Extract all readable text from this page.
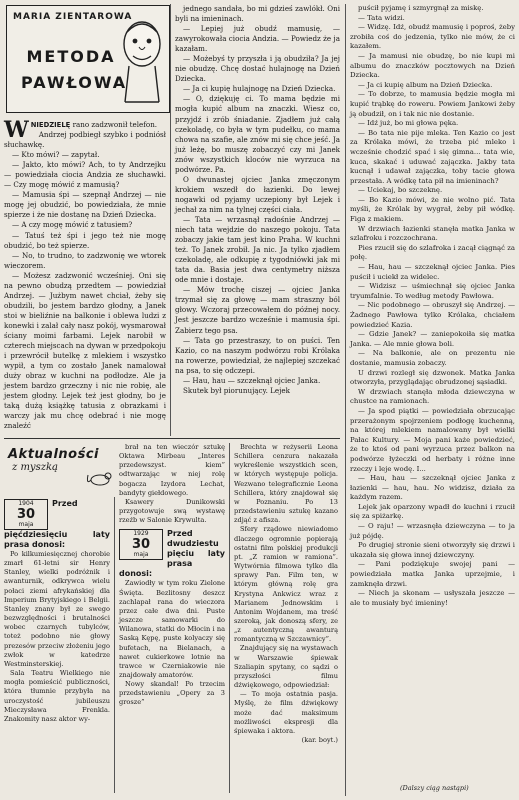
MARIA ZIENTAROWA
METODA
PAWŁOWA

WNIEDZIELĘ rano zadzwonił telefon.

Andrzej podbiegł szybko i podniósł słuchawkę.

— Kto mówi? — zapytał.

— Jakto, kto mówi? Ach, to ty Andrzejku — powiedziała ciocia Andzia ze słuchawki. — Czy mogę mówić z mamusią?

— Mamusia śpi — szepnął Andrzej — nie mogę jej obudzić, bo powiedziała, że mnie spierze i że nie dostanę na Dzień Dziecka.

— A czy mogę mówić z tatusiem?

— Tatuś też śpi i jego też nie mogę obudzić, bo też spierze.

— No, to trudno, to zadzwonię we wtorek wieczorem.

— Możesz zadzwonić wcześniej. Oni się na pewno obudzą przedtem — powiedział Andrzej. — Jużbym nawet chciał, żeby się obudzili, bo jestem bardzo głodny, a Janek stoi w bieliźnie na balkonie i oblewa ludzi z konewki i zalał cały nasz pokój, wysmarował ściany moimi farbami. Lejek narobił w czterech miejscach na dywan w przedpokoju i przewrócił butelkę z mlekiem i wszystko wypił, a tym co zostało Janek namalował duży obraz w kuchni na podłodze. Ale ja jestem bardzo grzeczny i nic nie robię, ale jestem głodny. Lejek też jest głodny, bo je taką dużą książkę tatusia z obrazkami i warczy jak mu chcę odebrać i nie mogę znaleźć

jednego sandała, bo mi gdzieś zawlókł. Oni byli na imieninach.

— Lepiej już obudź mamusię, — zawyrokowała ciocia Andzia. — Powiedz że ja kazałam.

— Możebyś ty przyszła i ją obudziła? Ja jej nie obudzę. Chcę dostać hulajnogę na Dzień Dziecka.

— Ja ci kupię hulajnogę na Dzień Dziecka.

— O, dziękuję ci. To mama będzie mi mogła kupić album na znaczki. Wiesz co, przyjdź i zrób śniadanie. Zjadłem już całą czekoladę, co była w tym pudełku, co mama chowa na szafie, ale znów mi się chce jeść. Ja już leżę, bo muszę zobaczyć czy mi Janek znów wszystkich kloców nie wyrzuca na podwórze. Pa.

O dwunastej ojciec Janka zmęczonym krokiem wszedł do łazienki. Do lewej nogawki od pyjamy uczepiony był Lejek i jechał za nim na tylnej części ciała.

— Tata — wrzasnął radośnie Andrzej — niech tata wejdzie do naszego pokoju. Tata zobaczy jakie tam jest kino Praha. W kuchni też. To Janek zrobił. Ja nic. Ja tylko zjadłem czekoladę, ale odkupię z tygodniówki jak mi tata da. Basia jest dwa centymetry niższa ode mnie i dostaje.

— Mów trochę ciszej — ojciec Janka trzymał się za głowę — mam straszny ból głowy. Wczoraj przecowałem do późnej nocy. Jest jeszcze bardzo wcześnie i mamusia śpi. Zabierz tego psa.

— Tata go przestraszy, to on puści. Ten Kazio, co na naszym podwórzu robi Królaka na rowerze, powiedział, że najlepiej szczekać na psa, to się odczepi.

— Hau, hau — szczeknął ojciec Janka.

Skutek był piorunujący. Lejek

puścił pyjamę i szmyrgnął za miskę.

— Tata widzi.

— Widzę. Idź, obudź mamusię i poproś, żeby zrobiła coś do jedzenia, tylko nie mów, że ci kazałem.

— Ja mamusi nie obudzę, bo nie kupi mi albumu do znaczków pocztowych na Dzień Dziecka.

— Ja ci kupię album na Dzień Dziecka.

— To dobrze, to mamusia będzie mogła mi kupić trąbkę do roweru. Powiem Jankowi żeby ją obudził, on i tak nic nie dostanie.

— Idź już, bo mi głowa pęka.

— Bo tata nie pije mleka. Ten Kazio co jest za Królaka mówi, że trzeba pić mleko i wcześnie chodzić spać i się gimna... tata wie, kuca, skakać i uduwać zajączka. Jakby tata kucnął i udawał zajączka, toby tacie głowa przestała. A wódkę tata pił na imieninach?

— Uciekaj, bo szczeknę.

— Bo Kazio mówi, że nie wolno pić. Tata myśli, że Królak by wygrał, żeby pił wódkę. Figa z makiem.

W drzwiach łazienki stanęła matka Janka w szlafroku i rozczochrana.

Pies rzucił się do szlafroka i zacął ciągnąć za połę.

— Hau, hau — szczeknął ojciec Janka. Pies puścił i uciekł za widelec.

— Widzisz — uśmiechnął się ojciec Janka tryumfalnie. To według metody Pawłowa.

— Nic podobnego — obruszył się Andrzej. — Żadnego Pawłowa tylko Królaka, chciałem powiedzieć Kazia.

— Gdzie Janek? — zaniepokoiła się matka Janka. — Ale mnie głowa boli.

— Na balkonie, ale on prezentu nie dostanie, mamusia zobaczy.

U drzwi rozległ się dzwonek. Matka Janka otworzyła, przyglądając obrudzonej sąsiadki.

W drzwiach stanęła młoda dziewczyna w chustce na ramionach.

— Ja spod piątki — powiedziała obrzucając przerażonym spojrzeniem podłogę kuchenną, na której mlekiem namalowany był wielki Pałac Kultury. — Moja pani każe powiedzieć, że to ktoś od pani wyrzuca przez balkon na podwórze łyżeczki od herbaty i różne inne rzeczy i leje wodę. I...

— Hau, hau — szczeknął ojciec Janka z łazienki — hau, hau. No widzisz, działa za każdym razem.

Lejek jak oparzony wpadł do kuchni i rzucił się za spiżarkę.

— O raju! — wrzasnęła dziewczyna — to ja już pójdę.

Po drugiej stronie sieni otworzyły się drzwi i ukazała się głowa innej dziewczyny.

— Pani podziękuje swojej pani — powiedziała matka Janka uprzejmie, i zamknęła drzwi.

— Niech ja skonam — usłyszała jeszcze — ale to musiały być imieniny!

(Dalszy ciąg nastąpi)
Aktualności
z myszką
1904
30
maja
Przed pięćdziesięciu laty prasa donosi:

Po kilkumiesięcznej chorobie zmarł 61-letni sir Henry Stanley, wielki podróżnik i awanturnik, odkrywca wielu połaci ziemi afrykańskiej dla Imperium Brytyjskiego i Belgii. Stanley znany był ze swego bezwzględności i brutalności wobec czarnych tubylców, toteż podobno nie głowy prezesów przeciw złożeniu jego zwłok w katedrze Westminsterskiej.

Sala Teatru Wielkiego nie mogła pomieścić publiczności, która tłumnie przybyła na uroczystość jubileuszu Mieczysława Frenkla. Znakomity nasz aktor wy-

brał na ten wieczór sztukę Oktawa Mirbeau „Interes przedewszyst. kiem” odtwarzając w niej rolę bogacza Izydora Lechat, bandyty giełdowego.

Ksawery Dunikowski przygotowuje swą wystawę rzeźb w Salonie Krywulta.

1929
30
maja
Przed dwudziestu pięciu laty prasa donosi:

Zawiodły w tym roku Zielone Święta. Bezlitosny deszcz zachlapał rana do wieczora przez całe dwa dni. Puste jeszcze samowarki do Wilanowa, statki do Młocin i na Saską Kępę, puste kolyaczy się bufetach, na Bielanach, a nawet cukierkowe lotnie na trawce w Czerniakowie nie znajdowały amatorów.

Nowy skandal! Po trzecim przedstawieniu „Opery za 3 grosze”

Brechta w reżyserii Leona Schillera cenzura nakazała wykreślenie wszystkich scen, w których występuje policja. Wezwano telegraficznie Leona Schillera, który znajdował się w Poznaniu. Po 13 przedstawieniu sztukę kazano zdjąć z afisza.

Sfery rządowe niewiadomo dlaczego ogromnie popierają ostatni film polskiej produkcji pt. „Z ramion w ramiona”. Wytwórnia filmowa tylko dla sprawy Pan. Film ten, w którym główną rolę gra Krystyna Ankwicz wraz z Marianem Jednowskim i Antonim Wojdanem, ma treść szeroką, jak donoszą sfery, ze „z autentyczną awanturą romantyczną w Szczawnicy”.

Znajdujący się na wystawach w Warszawie śpiewak Szaliapin spytany, co sądzi o przyszłości filmu dźwiękowego, odpowiedział:

— To moja ostatnia pasja. Myślę, że film dźwiękowy może dać maksimum możliwości ekspresji dla śpiewaka i aktora.

(kar. boyt.)
